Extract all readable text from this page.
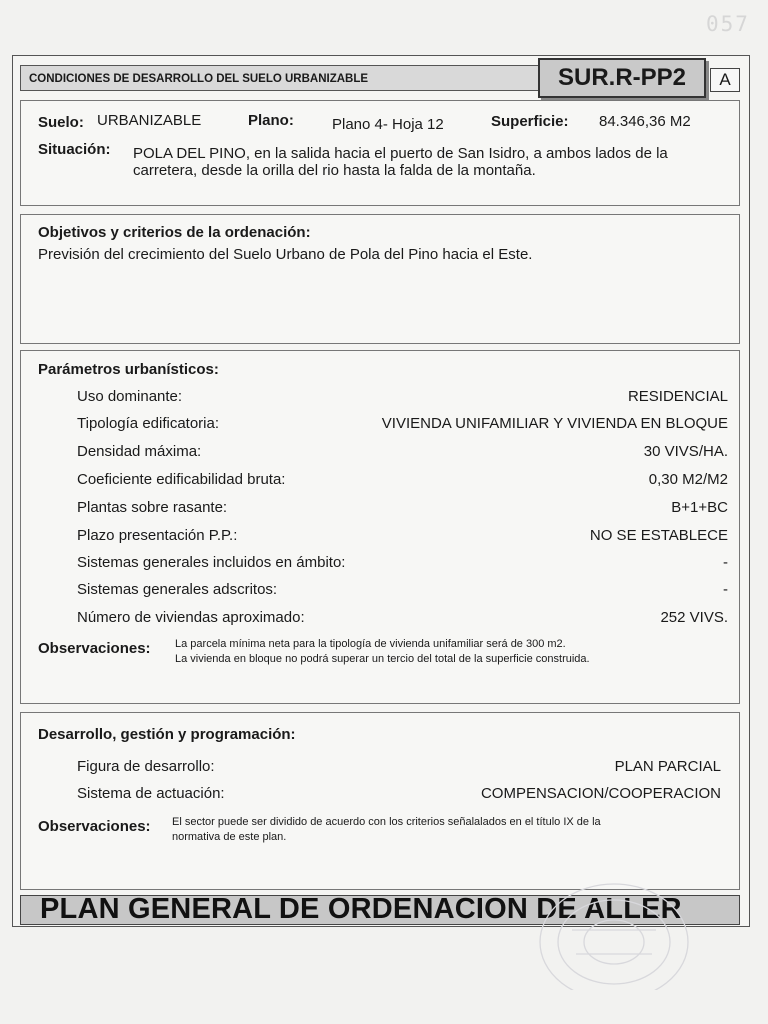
057
CONDICIONES DE DESARROLLO DEL SUELO URBANIZABLE	SUR.R-PP2	A
Suelo: URBANIZABLE	Plano:	Plano 4- Hoja 12	Superficie: 84.346,36 M2
Situación: POLA DEL PINO, en la salida hacia el puerto de San Isidro, a ambos lados de la
carretera, desde la orilla del rio hasta la falda de la montaña.
Objetivos y criterios de la ordenación:
Previsión del crecimiento del Suelo Urbano de Pola del Pino hacia el Este.
Parámetros urbanísticos:
Uso dominante:	RESIDENCIAL
Tipología edificatoria:	VIVIENDA UNIFAMILIAR Y VIVIENDA EN BLOQUE
Densidad máxima:	30 VIVS/HA.
Coeficiente edificabilidad bruta:	0,30 M2/M2
Plantas sobre rasante:	B+1+BC
Plazo presentación P.P.:	NO SE ESTABLECE
Sistemas generales incluidos en ámbito:	-
Sistemas generales adscritos:	-
Número de viviendas aproximado:	252 VIVS.
Observaciones: La parcela mínima neta para la tipología de vivienda unifamiliar será de 300 m2.
La vivienda en bloque no podrá superar un tercio del total de la superficie construida.
Desarrollo, gestión y programación:
Figura de desarrollo:	PLAN PARCIAL
Sistema de actuación:	COMPENSACION/COOPERACION
Observaciones: El sector puede ser dividido de acuerdo con los criterios señalalados en el título IX de la
normativa de este plan.
PLAN GENERAL DE ORDENACION DE ALLER
